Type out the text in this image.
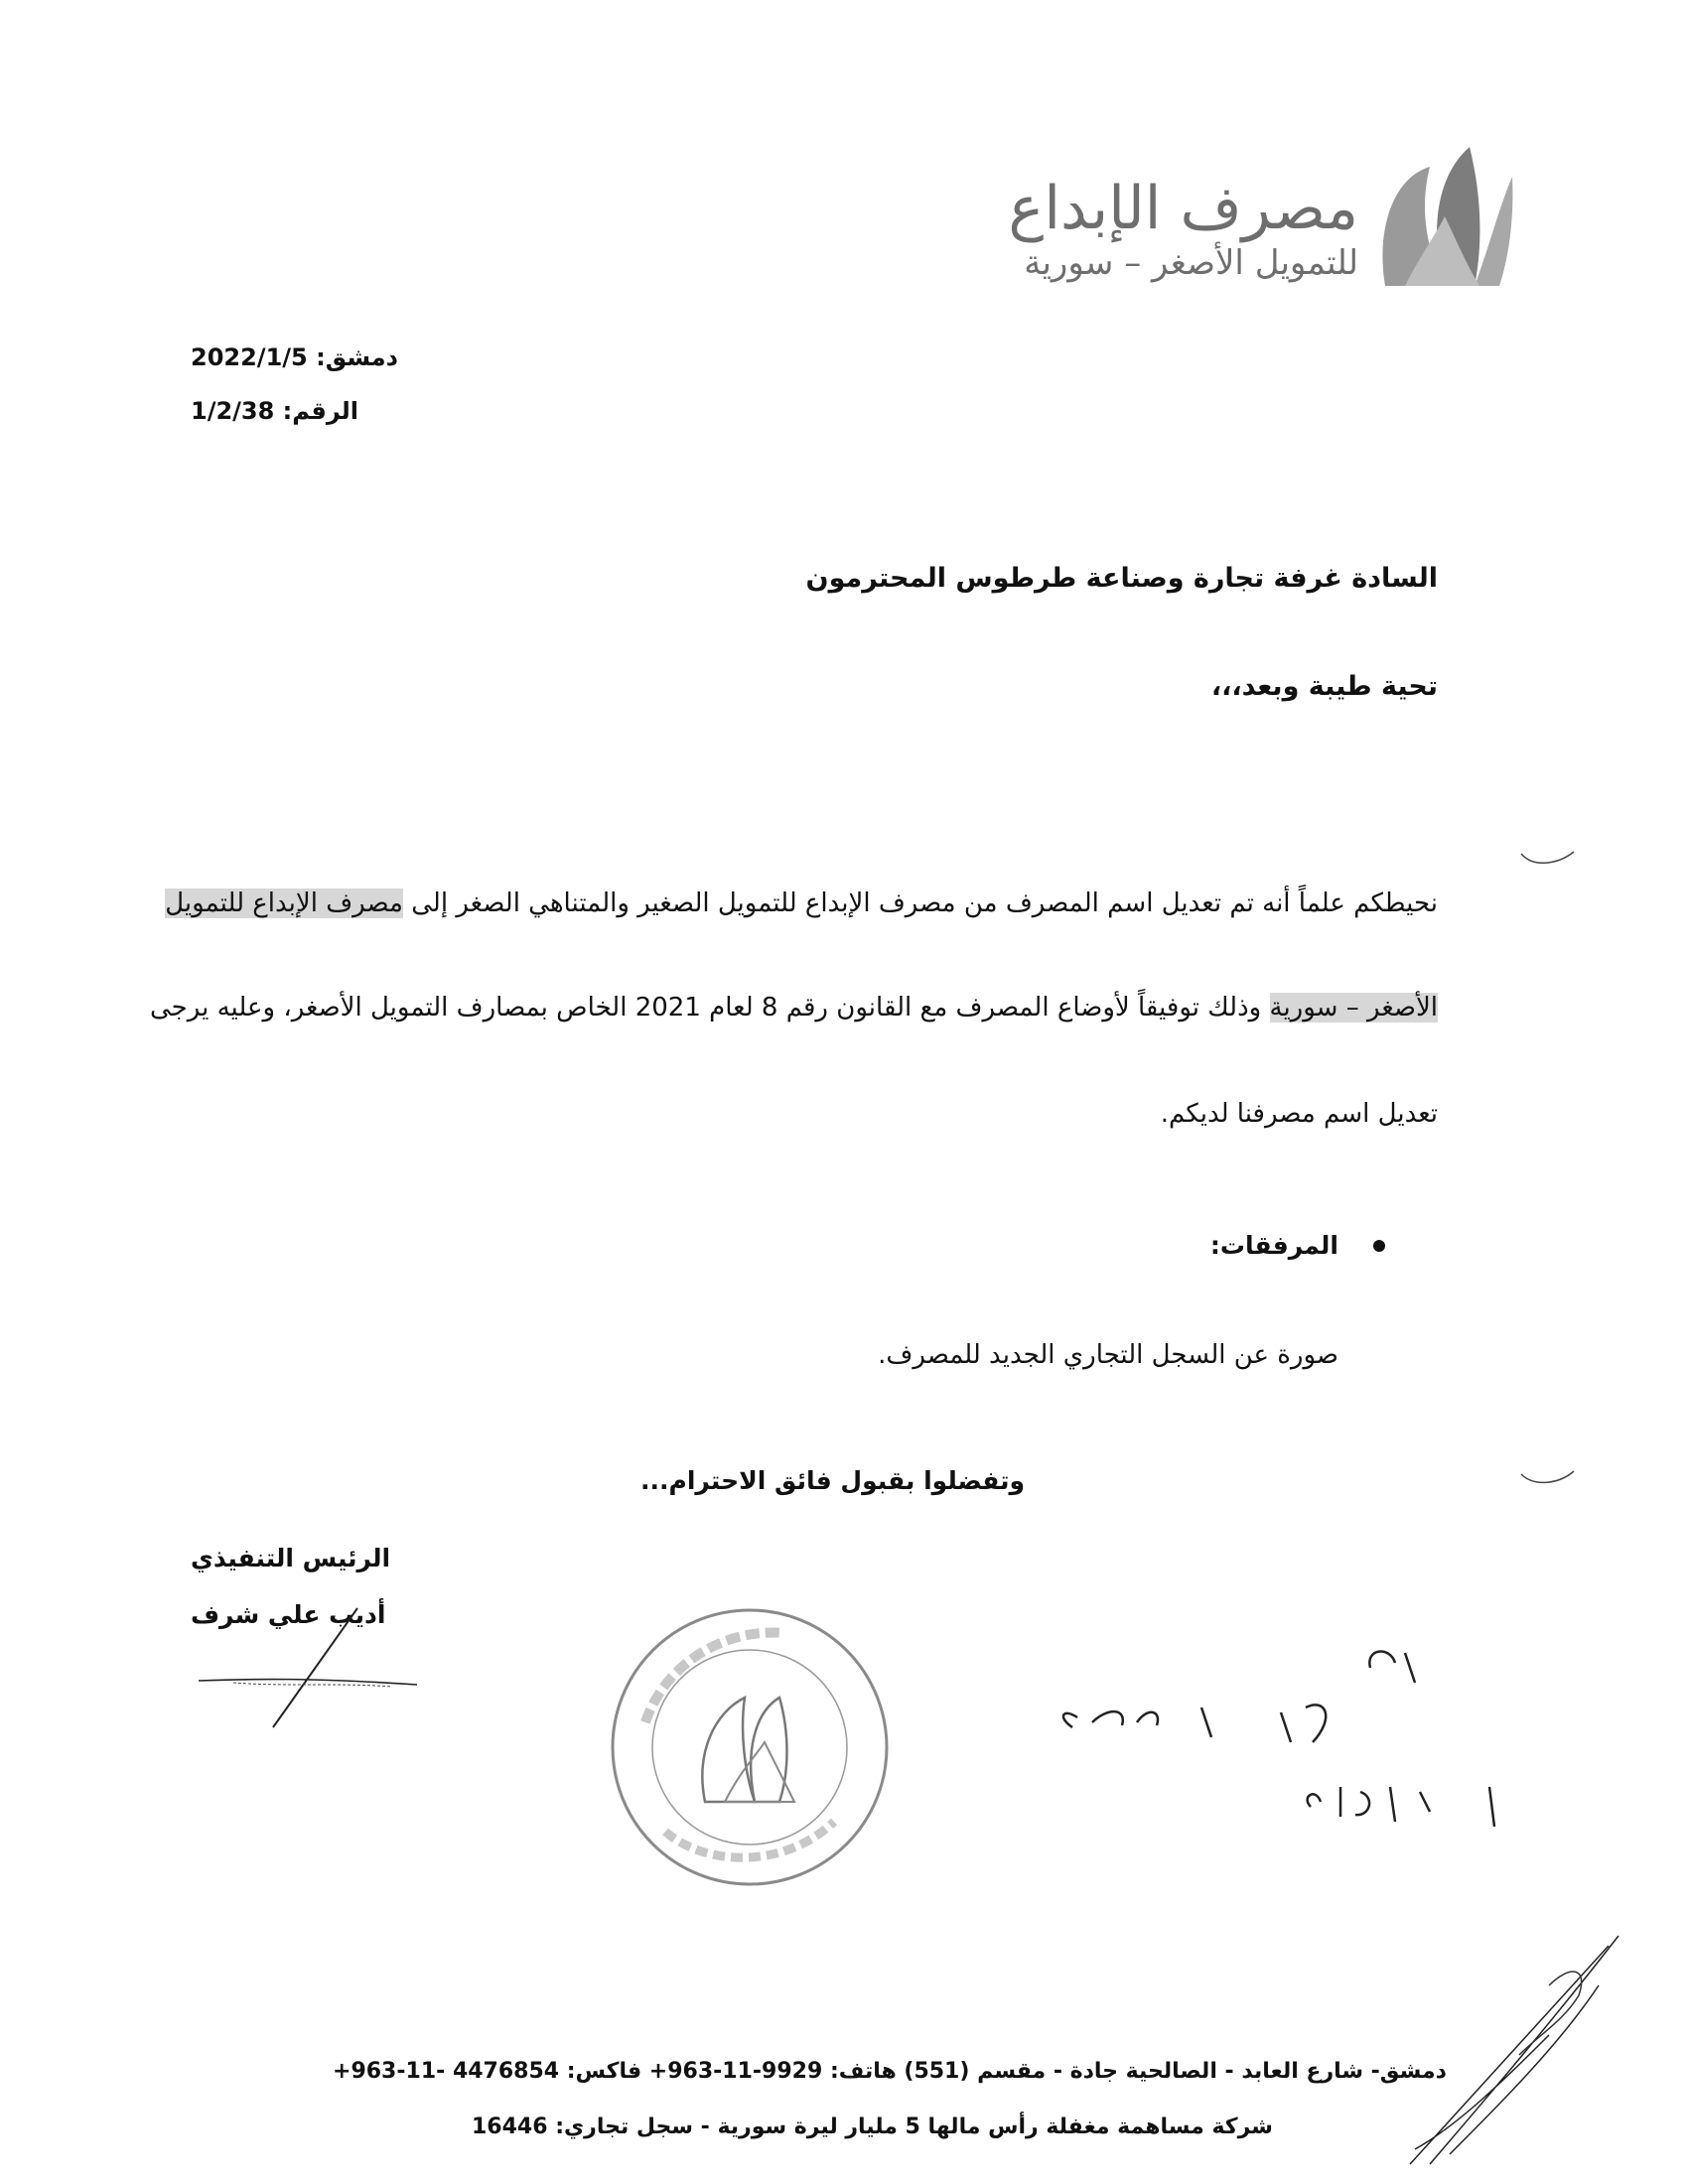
مصرف الإبداع
للتمويل الأصغر – سورية
دمشق: 2022/1/5
الرقم: 1/2/38
السادة غرفة تجارة وصناعة طرطوس المحترمون
تحية طيبة وبعد،،،
نحيطكم علماً أنه تم تعديل اسم المصرف من مصرف الإبداع للتمويل الصغير والمتناهي الصغر إلى مصرف الإبداع للتمويل
الأصغر – سورية وذلك توفيقاً لأوضاع المصرف مع القانون رقم 8 لعام 2021 الخاص بمصارف التمويل الأصغر، وعليه يرجى
تعديل اسم مصرفنا لديكم.
المرفقات:
صورة عن السجل التجاري الجديد للمصرف.
وتفضلوا بقبول فائق الاحترام...
الرئيس التنفيذي
أديب علي شرف
دمشق- شارع العابد - الصالحية جادة - مقسم (551) هاتف: 9929-11-963+ فاكس: 4476854 -11-963+
شركة مساهمة مغفلة رأس مالها 5 مليار ليرة سورية - سجل تجاري: 16446
